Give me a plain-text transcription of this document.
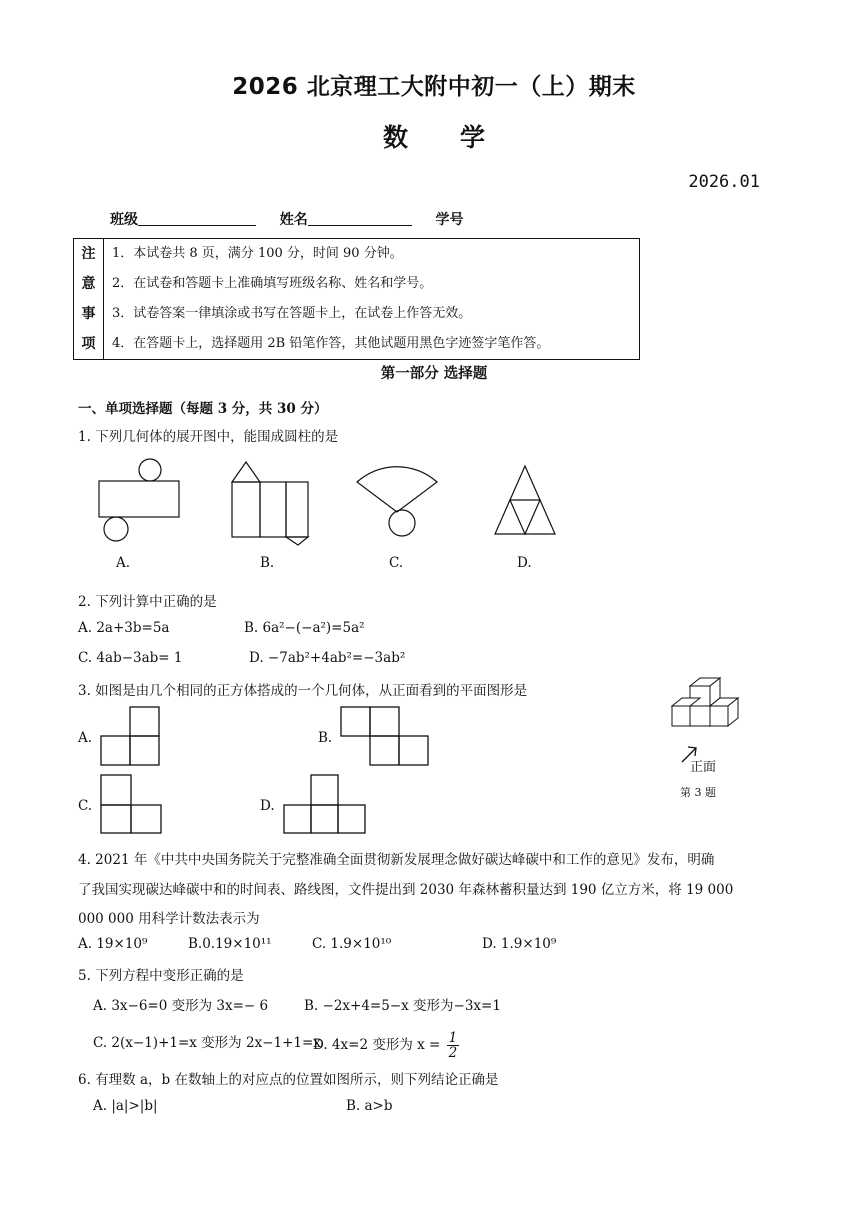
2026 北京理工大附中初一（上）期末
数 学
2026.01
班级	姓名	学号
注
意
事
项
1．本试卷共 8 页，满分 100 分，时间 90 分钟。
2．在试卷和答题卡上准确填写班级名称、姓名和学号。
3．试卷答案一律填涂或书写在答题卡上，在试卷上作答无效。
4．在答题卡上，选择题用 2B 铅笔作答，其他试题用黑色字迹签字笔作答。
第一部分 选择题
一、单项选择题（每题 3 分，共 30 分）
1. 下列几何体的展开图中，能围成圆柱的是
A.	B.	C.	D.
2. 下列计算中正确的是
A. 2a+3b=5a	B. 6a²−(−a²)=5a²
C. 4ab−3ab= 1	D. −7ab²+4ab²=−3ab²
3. 如图是由几个相同的正方体搭成的一个几何体，从正面看到的平面图形是
A.	B.
C.	D.
正面
第 3 题
4. 2021 年《中共中央国务院关于完整准确全面贯彻新发展理念做好碳达峰碳中和工作的意见》发布，明确
了我国实现碳达峰碳中和的时间表、路线图，文件提出到 2030 年森林蓄积量达到 190 亿立方米，将 19 000
000 000 用科学计数法表示为
A. 19×10⁹	B.0.19×10¹¹	C. 1.9×10¹⁰	D. 1.9×10⁹
5. 下列方程中变形正确的是
A. 3x−6=0 变形为 3x=− 6	B. −2x+4=5−x 变形为−3x=1
C. 2(x−1)+1=x 变形为 2x−1+1=x
D. 4x=2 变形为 $x = \frac{1}{2}$
6. 有理数 a，b 在数轴上的对应点的位置如图所示，则下列结论正确是
A. |a|>|b|	B. a>b
